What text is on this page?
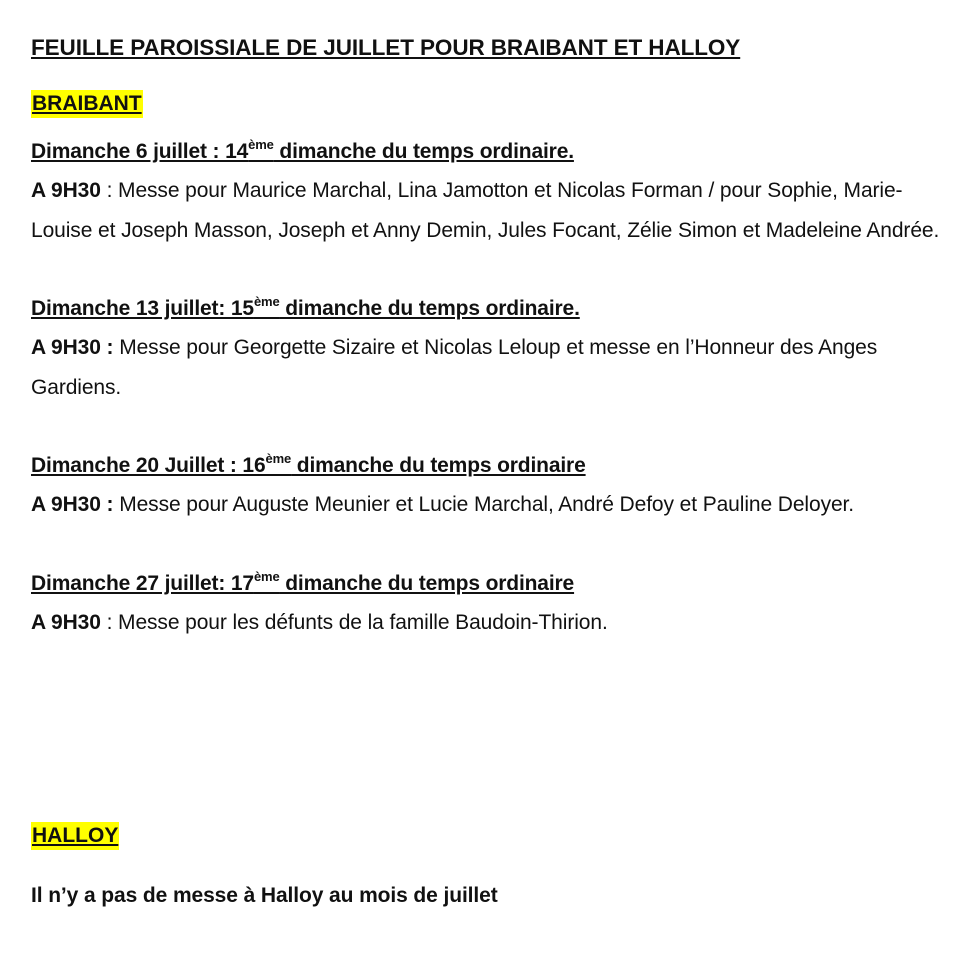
FEUILLE PAROISSIALE DE JUILLET POUR BRAIBANT ET HALLOY
BRAIBANT
Dimanche 6 juillet : 14ème dimanche du temps ordinaire.

A 9H30 : Messe pour Maurice Marchal, Lina Jamotton et Nicolas Forman / pour Sophie, Marie-Louise et Joseph Masson, Joseph et Anny Demin, Jules Focant, Zélie Simon et Madeleine Andrée.

Dimanche 13 juillet: 15ème dimanche du temps ordinaire.

A 9H30 : Messe pour Georgette Sizaire et Nicolas Leloup et messe en l’Honneur des Anges Gardiens.

Dimanche 20 Juillet : 16ème dimanche du temps ordinaire

A 9H30 : Messe pour Auguste Meunier et Lucie Marchal, André Defoy et Pauline Deloyer.

Dimanche 27 juillet: 17ème dimanche du temps ordinaire

A 9H30 : Messe pour les défunts de la famille Baudoin-Thirion.

HALLOY
Il n’y a pas de messe à Halloy au mois de juillet
